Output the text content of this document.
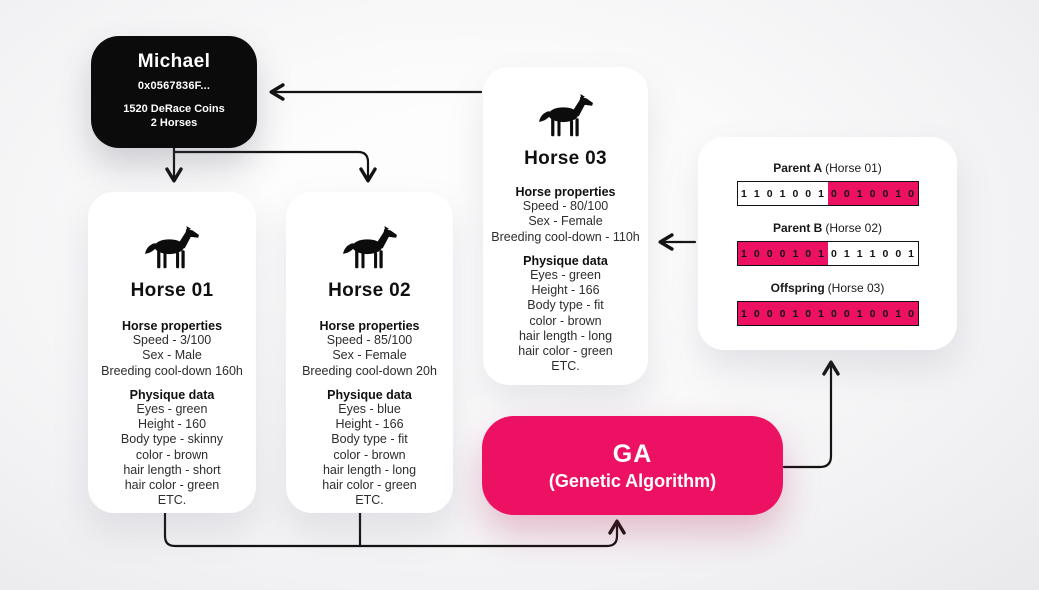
Michael
0x0567836F...
1520 DeRace Coins
2 Horses
Horse 01
Horse properties
Speed - 3/100
Sex - Male
Breeding cool-down 160h
Physique data
Eyes - green
Height - 160
Body type - skinny
color - brown
hair length - short
hair color - green
ETC.
Horse 02
Horse properties
Speed - 85/100
Sex - Female
Breeding cool-down 20h
Physique data
Eyes - blue
Height - 166
Body type - fit
color - brown
hair length - long
hair color - green
ETC.
Horse 03
Horse properties
Speed - 80/100
Sex - Female
Breeding cool-down - 110h
Physique data
Eyes - green
Height - 166
Body type - fit
color - brown
hair length - long
hair color - green
ETC.
Parent A (Horse 01)
1 1 0 1 0 0 1 0 0 1 0 0 1 0
Parent B (Horse 02)
1 0 0 0 1 0 1 0 1 1 1 0 0 1
Offspring (Horse 03)
1 0 0 0 1 0 1 0 0 1 0 0 1 0
GA
(Genetic Algorithm)
